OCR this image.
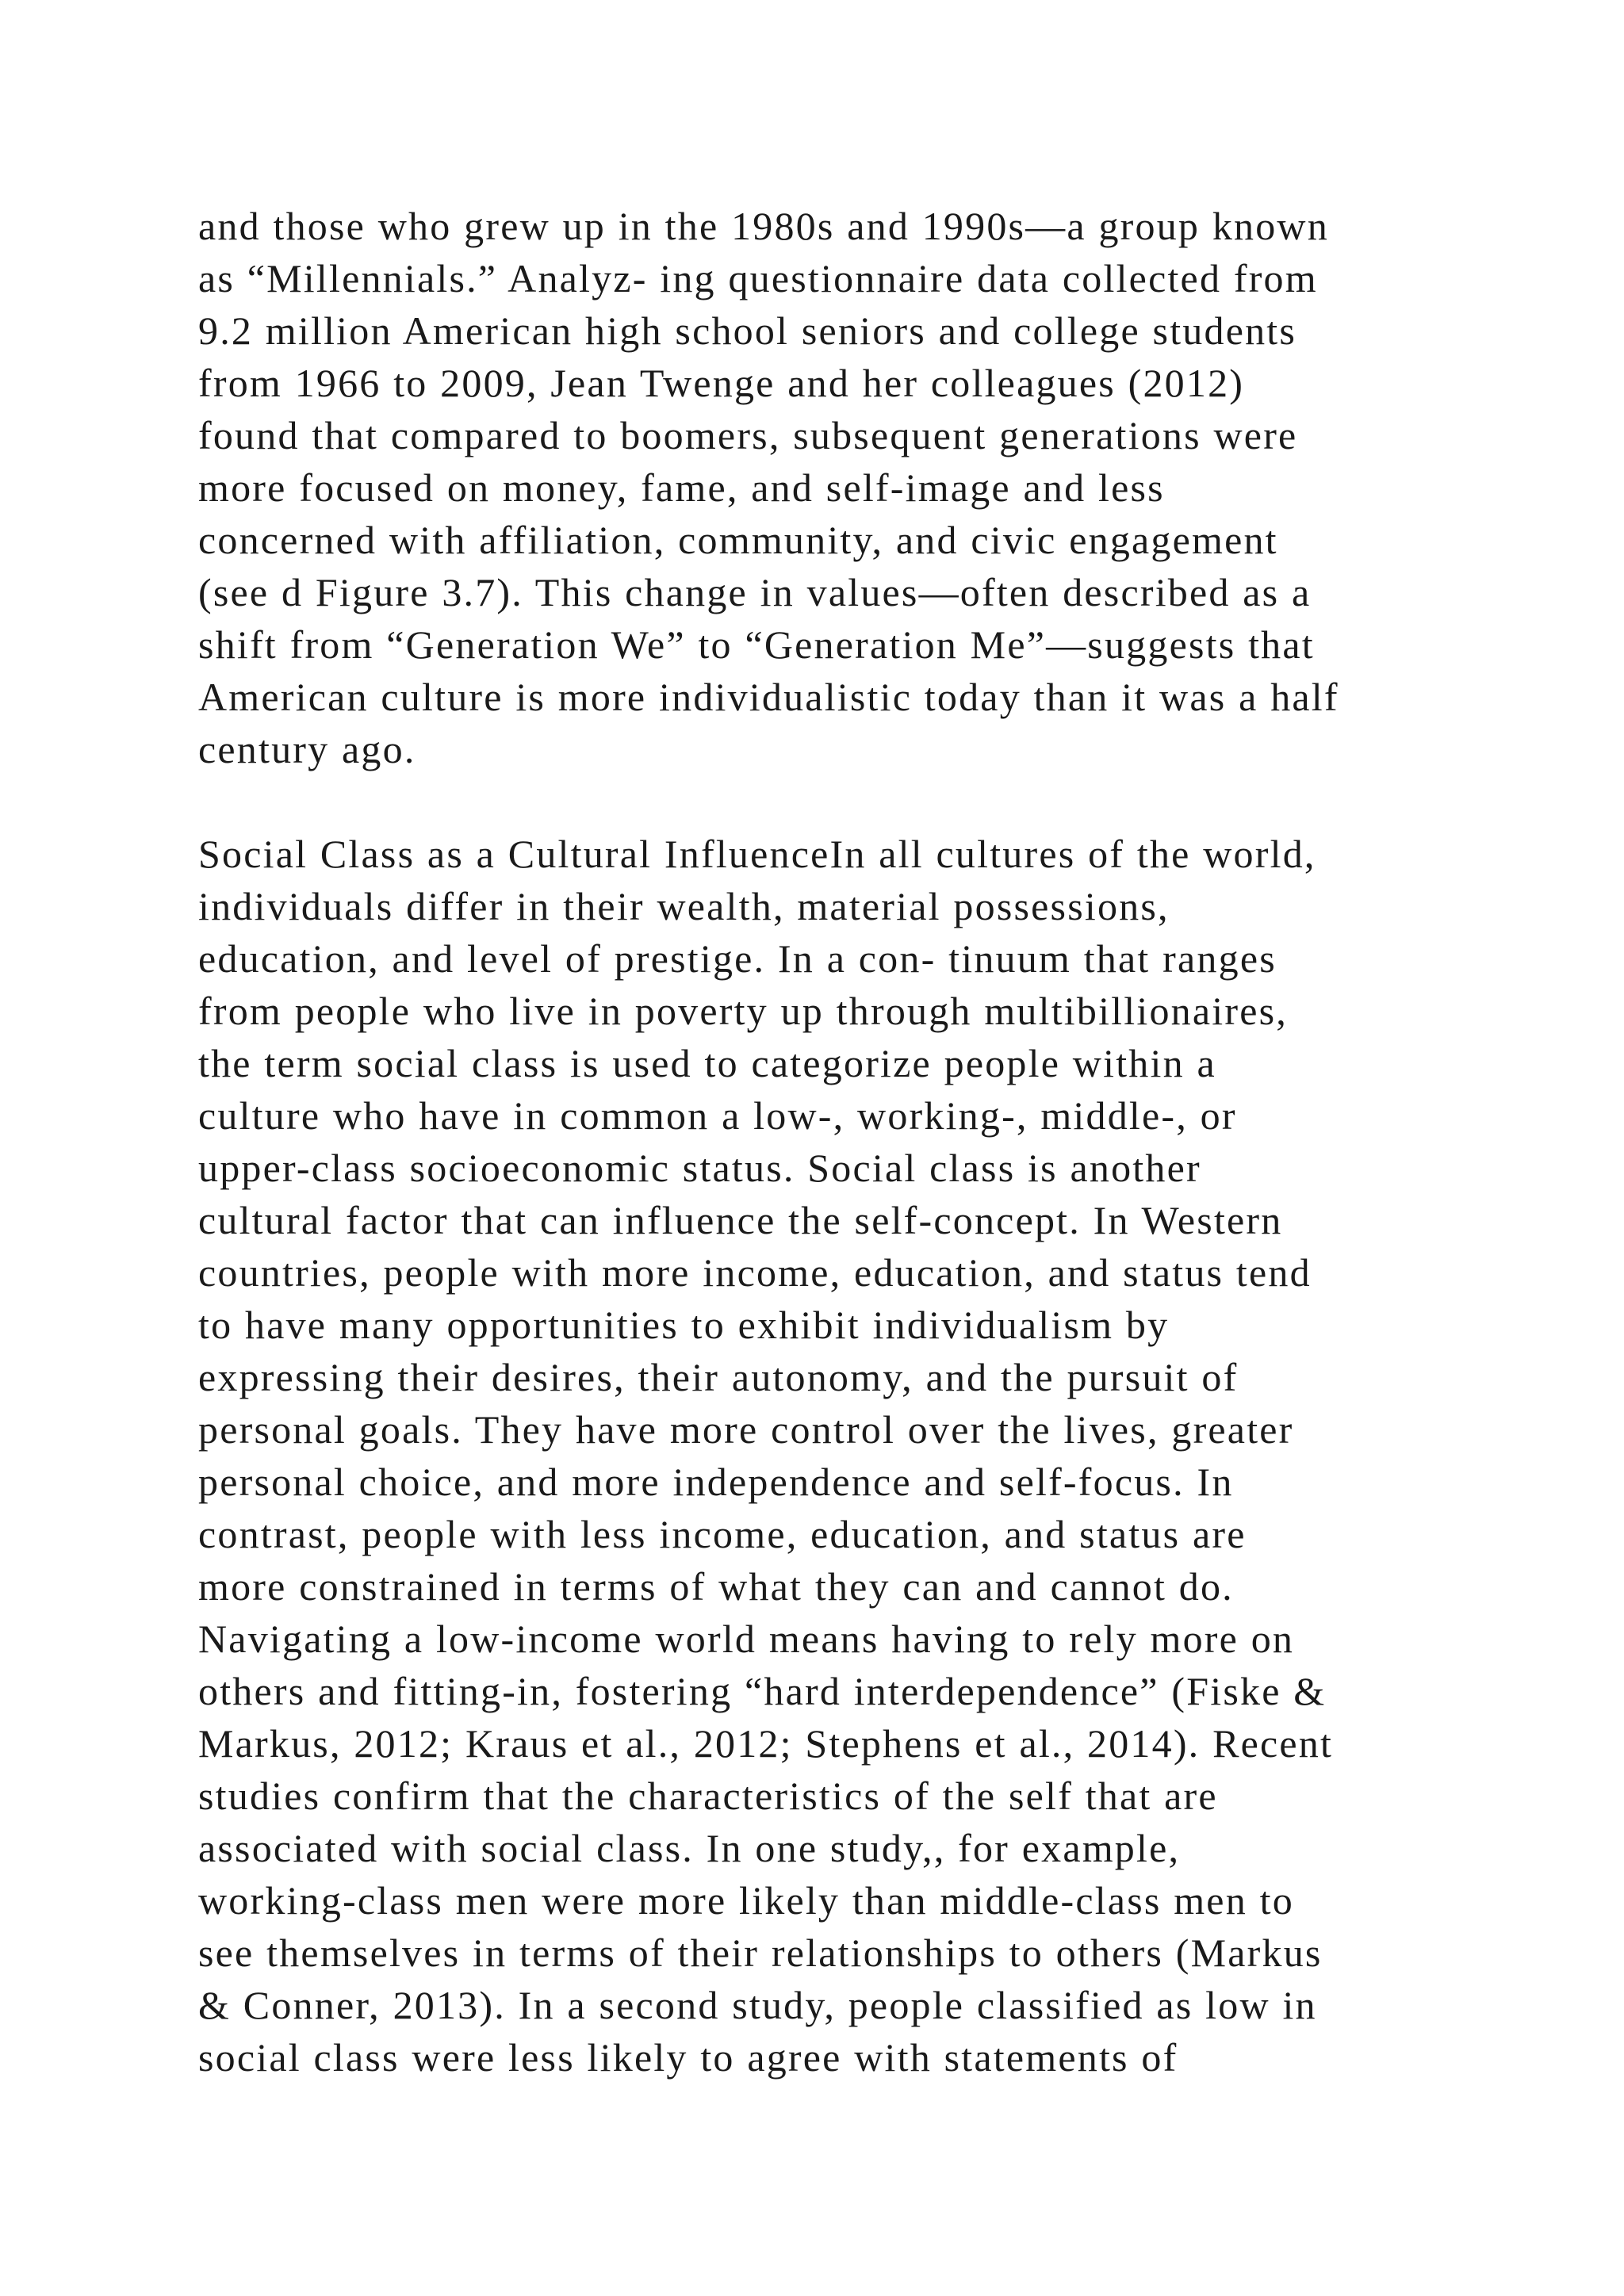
and those who grew up in the 1980s and 1990s—a group known
as “Millennials.” Analyz- ing questionnaire data collected from
9.2 million American high school seniors and college students
from 1966 to 2009, Jean Twenge and her colleagues (2012)
found that compared to boomers, subsequent generations were
more focused on money, fame, and self-image and less
concerned with affiliation, community, and civic engagement
(see d Figure 3.7). This change in values—often described as a
shift from “Generation We” to “Generation Me”—suggests that
American culture is more individualistic today than it was a half
century ago.

Social Class as a Cultural InfluenceIn all cultures of the world,
individuals differ in their wealth, material possessions,
education, and level of prestige. In a con- tinuum that ranges
from people who live in poverty up through multibillionaires,
the term social class is used to categorize people within a
culture who have in common a low-, working-, middle-, or
upper-class socioeconomic status. Social class is another
cultural factor that can influence the self-concept. In Western
countries, people with more income, education, and status tend
to have many opportunities to exhibit individualism by
expressing their desires, their autonomy, and the pursuit of
personal goals. They have more control over the lives, greater
personal choice, and more independence and self-focus. In
contrast, people with less income, education, and status are
more constrained in terms of what they can and cannot do.
Navigating a low-income world means having to rely more on
others and fitting-in, fostering “hard interdependence” (Fiske &
Markus, 2012; Kraus et al., 2012; Stephens et al., 2014). Recent
studies confirm that the characteristics of the self that are
associated with social class. In one study,, for example,
working-class men were more likely than middle-class men to
see themselves in terms of their relationships to others (Markus
& Conner, 2013). In a second study, people classified as low in
social class were less likely to agree with statements of
